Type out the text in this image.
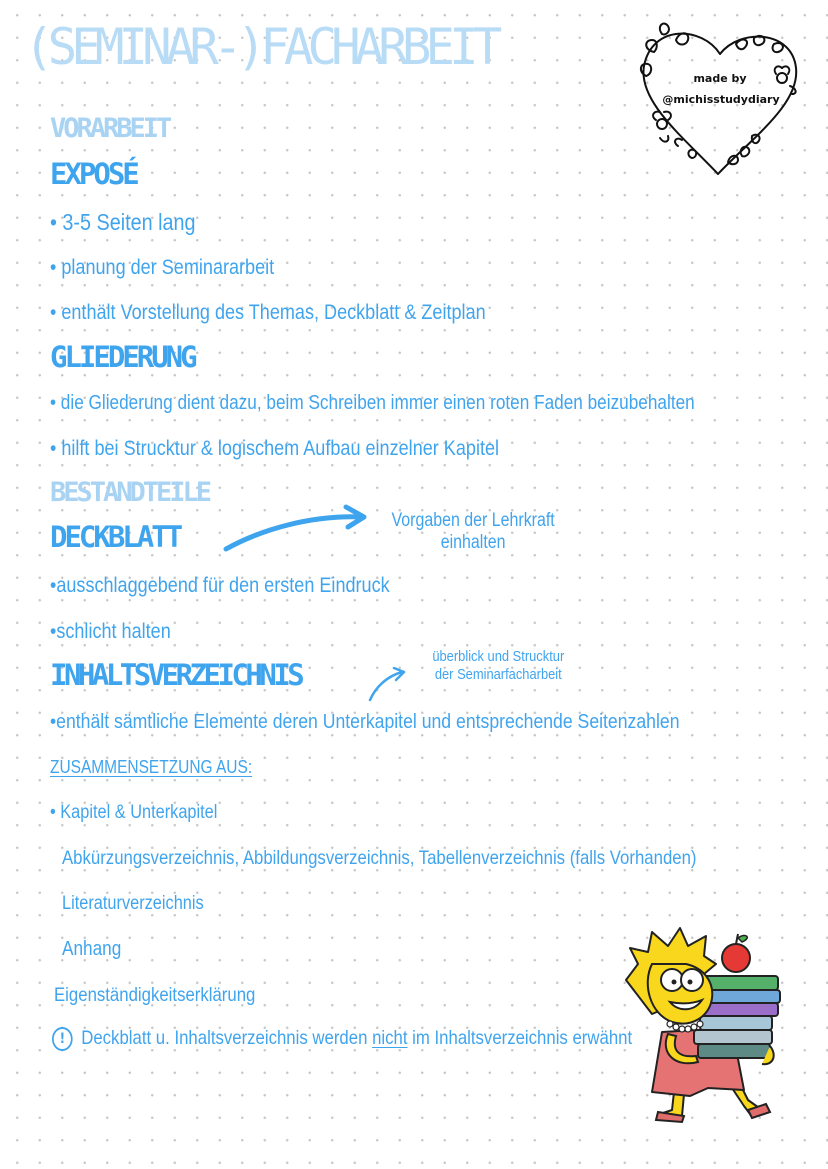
(SEMINAR-)FACHARBEIT
made by
@michisstudydiary
VORARBEIT
EXPOSÉ
• 3-5 Seiten lang
• planung der Seminararbeit
• enthält Vorstellung des Themas, Deckblatt & Zeitplan
GLIEDERUNG
• die Gliederung dient dazu, beim Schreiben immer einen roten Faden beizubehalten
• hilft bei Strucktur & logischem Aufbau einzelner Kapitel
BESTANDTEILE
DECKBLATT	Vorgaben der Lehrkraft
einhalten
•ausschlaggebend für den ersten Eindruck
•schlicht halten
INHALTSVERZEICHNIS
überblick und Strucktur
der Seminarfacharbeit
•enthält sämtliche Elemente deren Unterkapitel und entsprechende Seitenzahlen
ZUSAMMENSETZUNG AUS:
• Kapitel & Unterkapitel
Abkürzungsverzeichnis, Abbildungsverzeichnis, Tabellenverzeichnis (falls Vorhanden)
Literaturverzeichnis
Anhang
Eigenständigkeitserklärung
! Deckblatt u. Inhaltsverzeichnis werden nicht im Inhaltsverzeichnis erwähnt
